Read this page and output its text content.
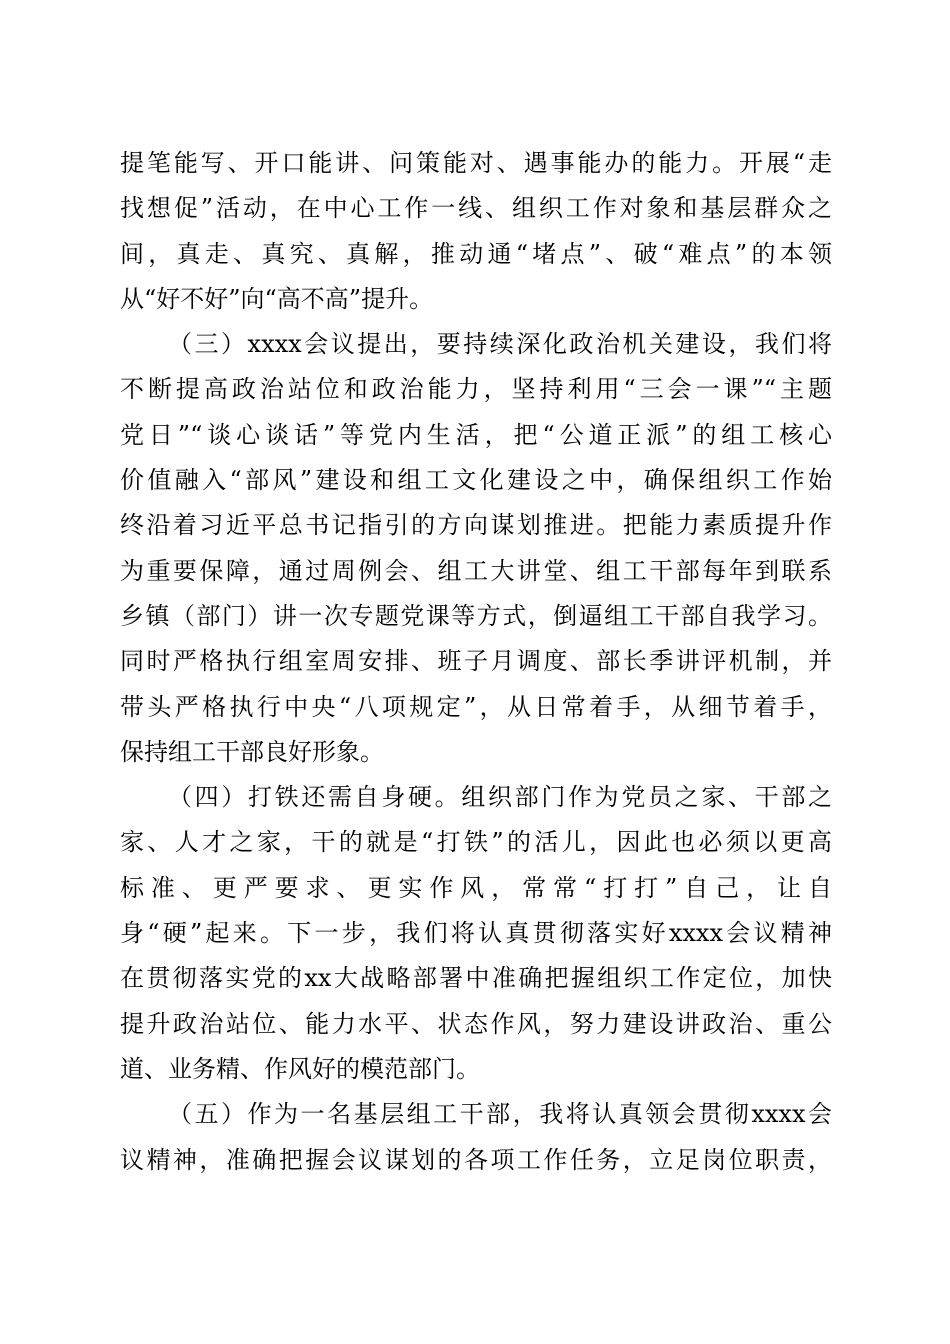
提笔能写、开口能讲、问策能对、遇事能办的能力。开展“走
找想促”活动，在中心工作一线、组织工作对象和基层群众之
间，真走、真究、真解，推动通“堵点”、破“难点”的本领
从“好不好”向“高不高”提升。
（三）xxxx会议提出，要持续深化政治机关建设，我们将
不断提高政治站位和政治能力，坚持利用“三会一课”“主题
党日”“谈心谈话”等党内生活，把“公道正派”的组工核心
价值融入“部风”建设和组工文化建设之中，确保组织工作始
终沿着习近平总书记指引的方向谋划推进。把能力素质提升作
为重要保障，通过周例会、组工大讲堂、组工干部每年到联系
乡镇（部门）讲一次专题党课等方式，倒逼组工干部自我学习。
同时严格执行组室周安排、班子月调度、部长季讲评机制，并
带头严格执行中央“八项规定”，从日常着手，从细节着手，
保持组工干部良好形象。
（四）打铁还需自身硬。组织部门作为党员之家、干部之
家、人才之家，干的就是“打铁”的活儿，因此也必须以更高
标准、更严要求、更实作风，常常“打打”自己，让自
身“硬”起来。下一步，我们将认真贯彻落实好xxxx会议精神
在贯彻落实党的xx大战略部署中准确把握组织工作定位，加快
提升政治站位、能力水平、状态作风，努力建设讲政治、重公
道、业务精、作风好的模范部门。
（五）作为一名基层组工干部，我将认真领会贯彻xxxx会
议精神，准确把握会议谋划的各项工作任务，立足岗位职责，
